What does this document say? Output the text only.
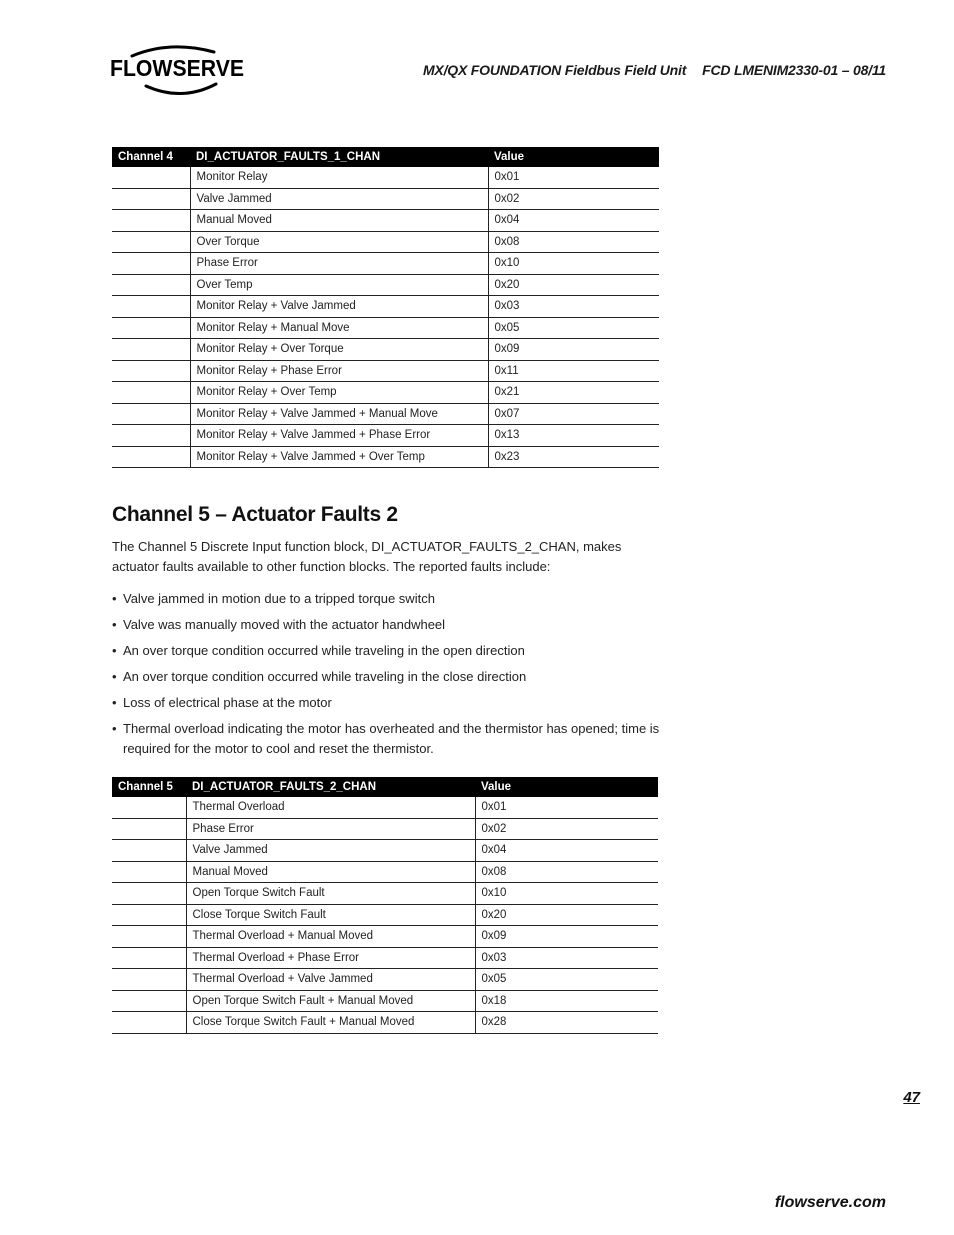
FLOWSERVE	MX/QX FOUNDATION Fieldbus Field Unit FCD LMENIM2330-01 – 08/11
Channel 4	DI_ACTUATOR_FAULTS_1_CHAN	Value
	Monitor Relay	0x01
	Valve Jammed	0x02
	Manual Moved	0x04
	Over Torque	0x08
	Phase Error	0x10
	Over Temp	0x20
	Monitor Relay + Valve Jammed	0x03
	Monitor Relay + Manual Move	0x05
	Monitor Relay + Over Torque	0x09
	Monitor Relay + Phase Error	0x11
	Monitor Relay + Over Temp	0x21
	Monitor Relay + Valve Jammed + Manual Move	0x07
	Monitor Relay + Valve Jammed + Phase Error	0x13
	Monitor Relay + Valve Jammed + Over Temp	0x23
Channel 5 – Actuator Faults 2

The Channel 5 Discrete Input function block, DI_ACTUATOR_FAULTS_2_CHAN, makes actuator faults available to other function blocks. The reported faults include:

• Valve jammed in motion due to a tripped torque switch
• Valve was manually moved with the actuator handwheel
• An over torque condition occurred while traveling in the open direction
• An over torque condition occurred while traveling in the close direction
• Loss of electrical phase at the motor
• Thermal overload indicating the motor has overheated and the thermistor has opened; time is required for the motor to cool and reset the thermistor.
Channel 5	DI_ACTUATOR_FAULTS_2_CHAN	Value
	Thermal Overload	0x01
	Phase Error	0x02
	Valve Jammed	0x04
	Manual Moved	0x08
	Open Torque Switch Fault	0x10
	Close Torque Switch Fault	0x20
	Thermal Overload + Manual Moved	0x09
	Thermal Overload + Phase Error	0x03
	Thermal Overload + Valve Jammed	0x05
	Open Torque Switch Fault + Manual Moved	0x18
	Close Torque Switch Fault + Manual Moved	0x28
47
flowserve.com
